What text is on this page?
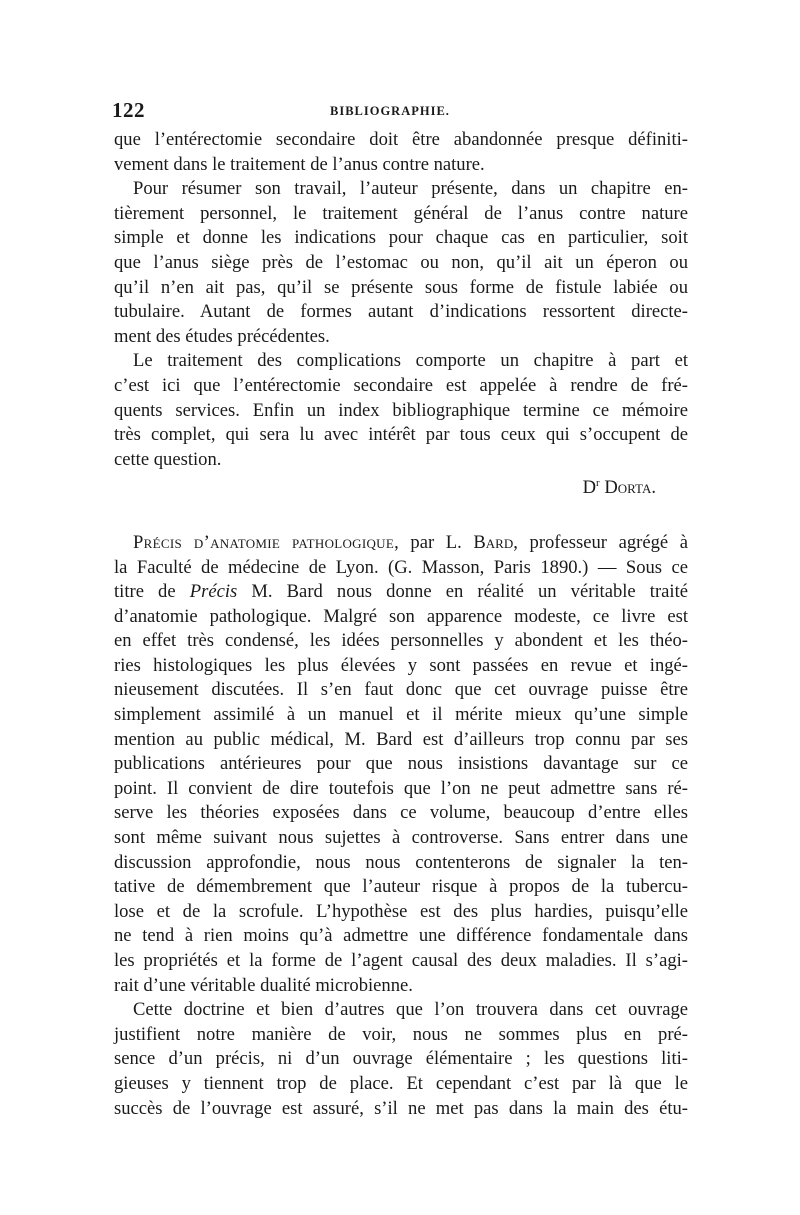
122	BIBLIOGRAPHIE.

que l’entérectomie secondaire doit être abandonnée presque définiti-
vement dans le traitement de l’anus contre nature.

Pour résumer son travail, l’auteur présente, dans un chapitre en-
tièrement personnel, le traitement général de l’anus contre nature
simple et donne les indications pour chaque cas en particulier, soit
que l’anus siège près de l’estomac ou non, qu’il ait un éperon ou
qu’il n’en ait pas, qu’il se présente sous forme de fistule labiée ou
tubulaire. Autant de formes autant d’indications ressortent directe-
ment des études précédentes.

Le traitement des complications comporte un chapitre à part et
c’est ici que l’entérectomie secondaire est appelée à rendre de fré-
quents services. Enfin un index bibliographique termine ce mémoire
très complet, qui sera lu avec intérêt par tous ceux qui s’occupent de
cette question.

$D^r$ Dorta.

Précis d’anatomie pathologique, par L. Bard, professeur agrégé à
la Faculté de médecine de Lyon. (G. Masson, Paris 1890.) — Sous ce
titre de Précis M. Bard nous donne en réalité un véritable traité
d’anatomie pathologique. Malgré son apparence modeste, ce livre est
en effet très condensé, les idées personnelles y abondent et les théo-
ries histologiques les plus élevées y sont passées en revue et ingé-
nieusement discutées. Il s’en faut donc que cet ouvrage puisse être
simplement assimilé à un manuel et il mérite mieux qu’une simple
mention au public médical, M. Bard est d’ailleurs trop connu par ses
publications antérieures pour que nous insistions davantage sur ce
point. Il convient de dire toutefois que l’on ne peut admettre sans ré-
serve les théories exposées dans ce volume, beaucoup d’entre elles
sont même suivant nous sujettes à controverse. Sans entrer dans une
discussion approfondie, nous nous contenterons de signaler la ten-
tative de démembrement que l’auteur risque à propos de la tubercu-
lose et de la scrofule. L’hypothèse est des plus hardies, puisqu’elle
ne tend à rien moins qu’à admettre une différence fondamentale dans
les propriétés et la forme de l’agent causal des deux maladies. Il s’agi-
rait d’une véritable dualité microbienne.

Cette doctrine et bien d’autres que l’on trouvera dans cet ouvrage
justifient notre manière de voir, nous ne sommes plus en pré-
sence d’un précis, ni d’un ouvrage élémentaire ; les questions liti-
gieuses y tiennent trop de place. Et cependant c’est par là que le
succès de l’ouvrage est assuré, s’il ne met pas dans la main des étu-
